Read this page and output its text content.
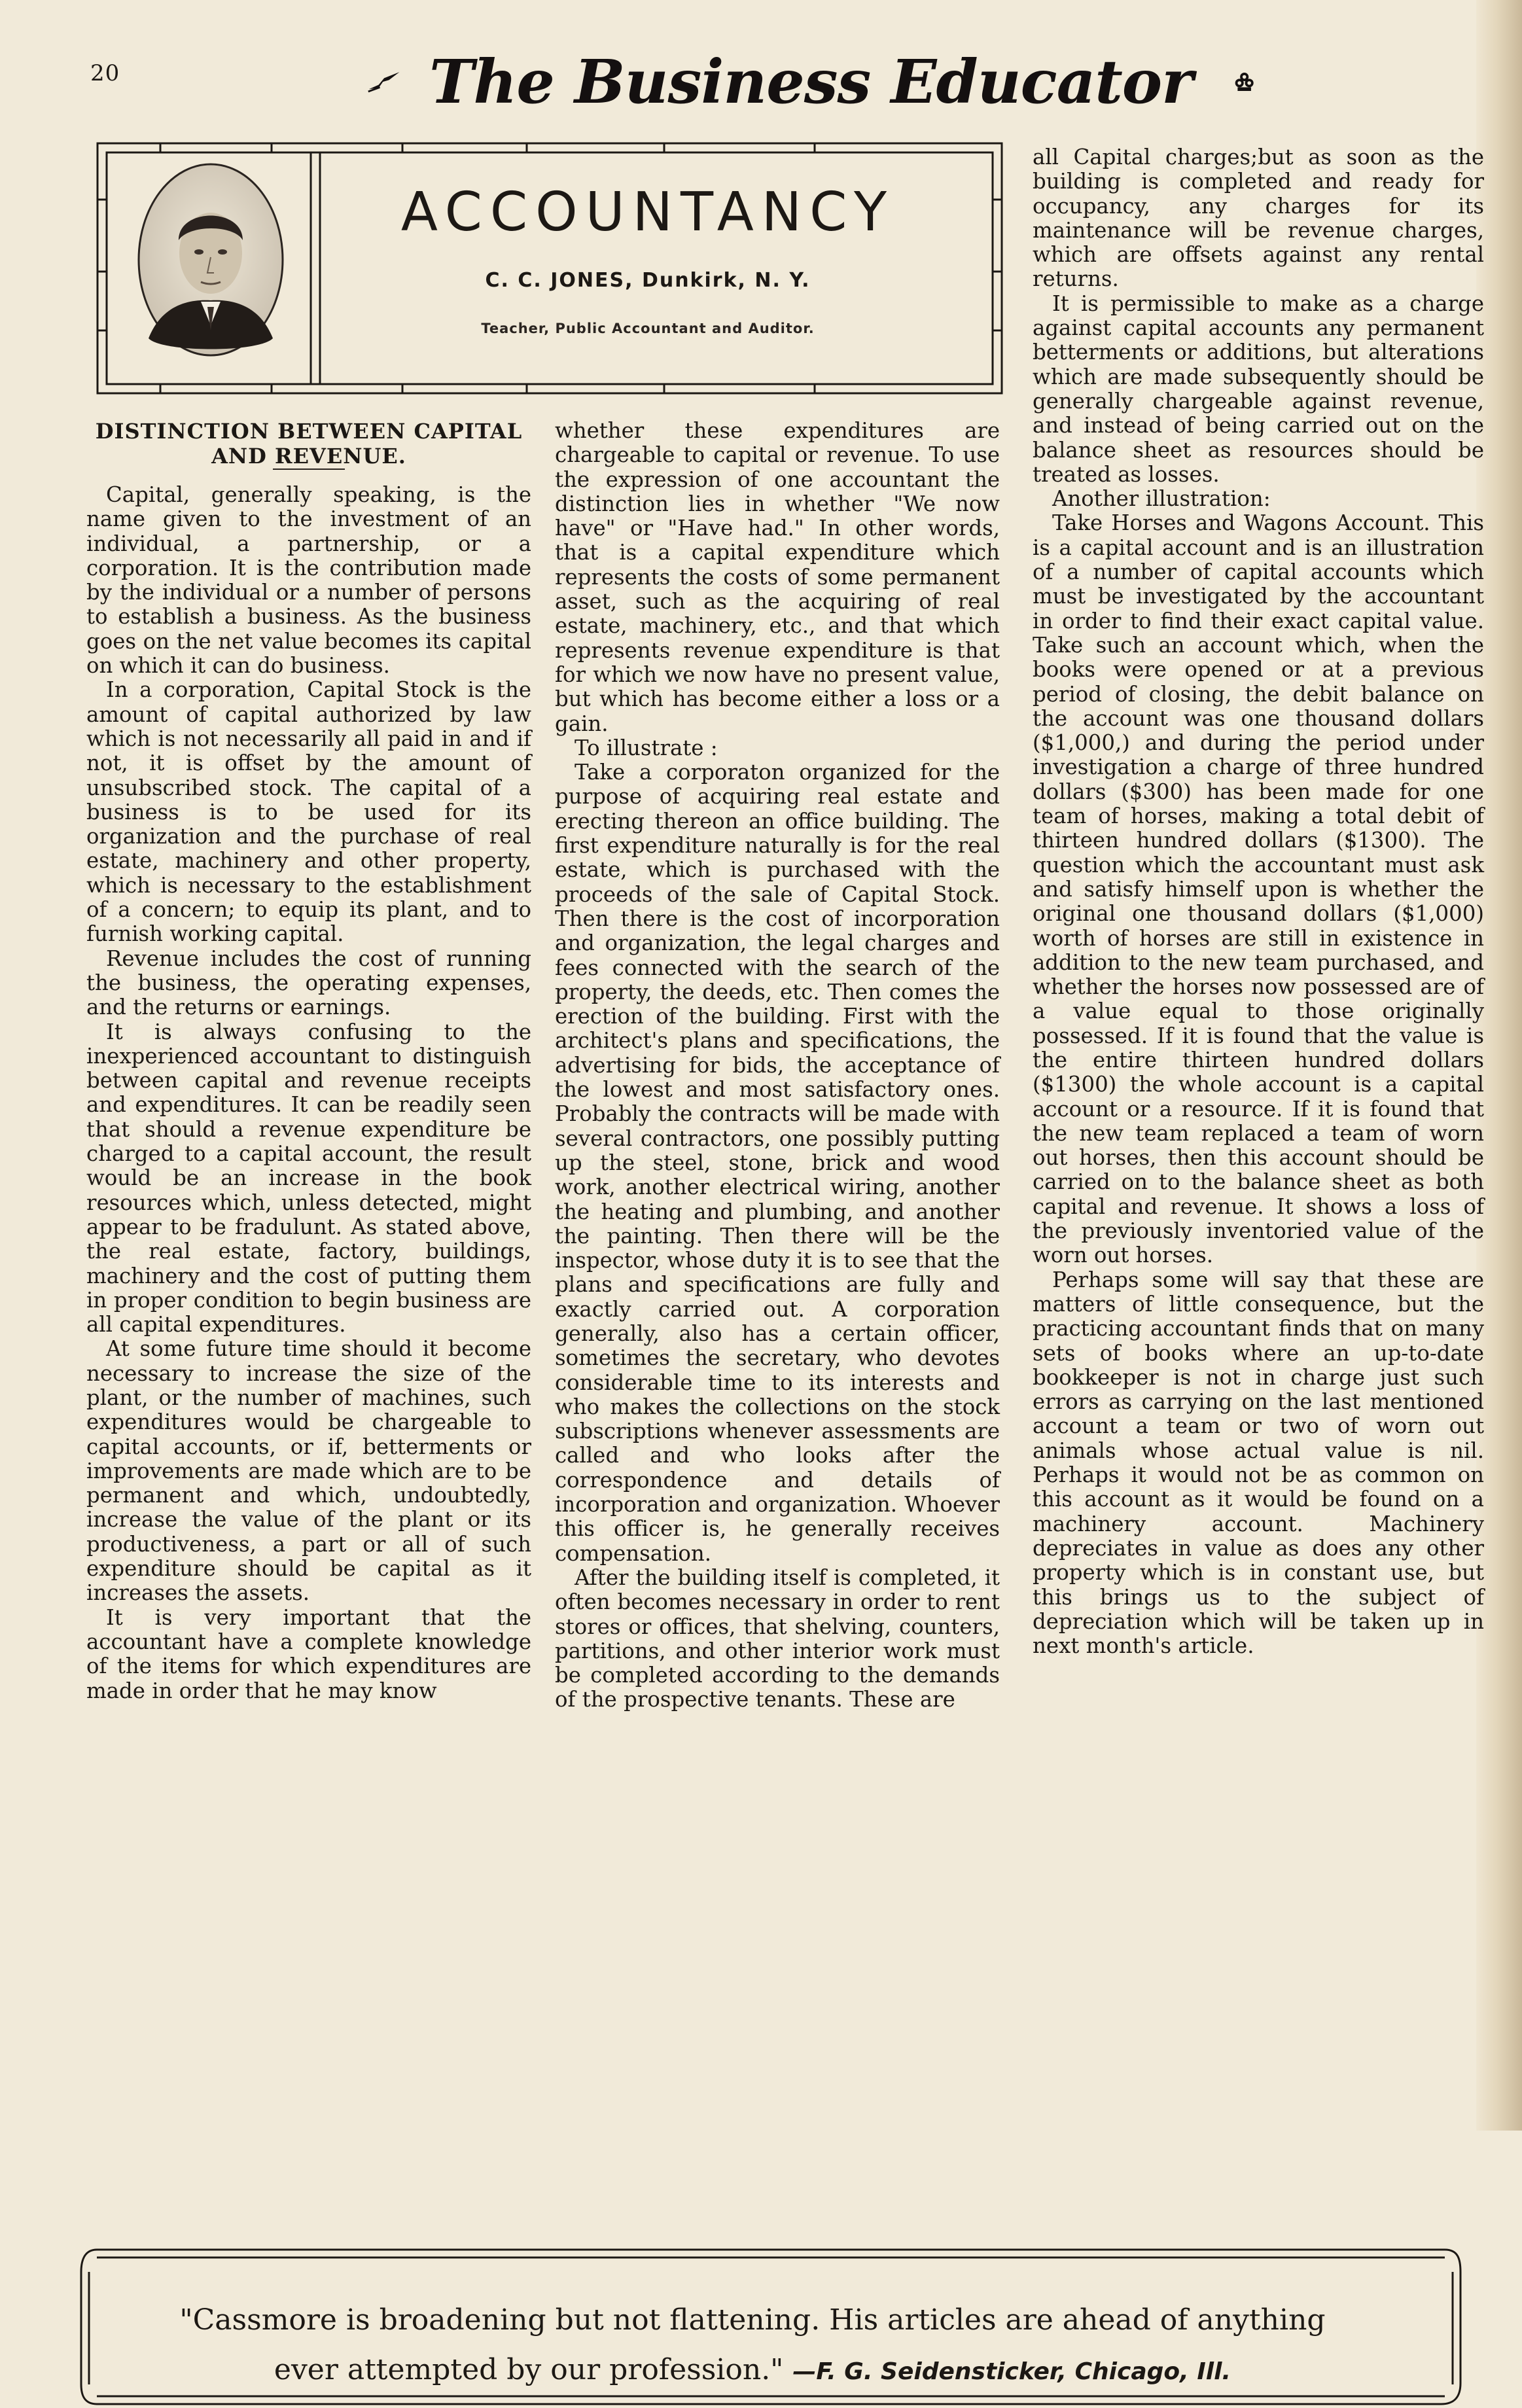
20	The Business Educator
ACCOUNTANCY
C. C. JONES, Dunkirk, N. Y.
Teacher, Public Accountant and Auditor.

DISTINCTION BETWEEN CAPITAL AND REVENUE.

Capital, generally speaking, is the name given to the investment of an individual, a partnership, or a corporation. It is the contribution made by the individual or a number of persons to establish a business. As the business goes on the net value becomes its capital on which it can do business.

In a corporation, Capital Stock is the amount of capital authorized by law which is not necessarily all paid in and if not, it is offset by the amount of unsubscribed stock. The capital of a business is to be used for its organization and the purchase of real estate, machinery and other property, which is necessary to the establishment of a concern; to equip its plant, and to furnish working capital.

Revenue includes the cost of running the business, the operating expenses, and the returns or earnings.

It is always confusing to the inexperienced accountant to distinguish between capital and revenue receipts and expenditures. It can be readily seen that should a revenue expenditure be charged to a capital account, the result would be an increase in the book resources which, unless detected, might appear to be fradulunt. As stated above, the real estate, factory, buildings, machinery and the cost of putting them in proper condition to begin business are all capital expenditures.

At some future time should it become necessary to increase the size of the plant, or the number of machines, such expenditures would be chargeable to capital accounts, or if, betterments or improvements are made which are to be permanent and which, undoubtedly, increase the value of the plant or its productiveness, a part or all of such expenditure should be capital as it increases the assets.

It is very important that the accountant have a complete knowledge of the items for which expenditures are made in order that he may know

whether these expenditures are chargeable to capital or revenue. To use the expression of one accountant the distinction lies in whether "We now have" or "Have had." In other words, that is a capital expenditure which represents the costs of some permanent asset, such as the acquiring of real estate, machinery, etc., and that which represents revenue expenditure is that for which we now have no present value, but which has become either a loss or a gain.

To illustrate :

Take a corporaton organized for the purpose of acquiring real estate and erecting thereon an office building. The first expenditure naturally is for the real estate, which is purchased with the proceeds of the sale of Capital Stock. Then there is the cost of incorporation and organization, the legal charges and fees connected with the search of the property, the deeds, etc. Then comes the erection of the building. First with the architect's plans and specifications, the advertising for bids, the acceptance of the lowest and most satisfactory ones. Probably the contracts will be made with several contractors, one possibly putting up the steel, stone, brick and wood work, another electrical wiring, another the heating and plumbing, and another the painting. Then there will be the inspector, whose duty it is to see that the plans and specifications are fully and exactly carried out. A corporation generally, also has a certain officer, sometimes the secretary, who devotes considerable time to its interests and who makes the collections on the stock subscriptions whenever assessments are called and who looks after the correspondence and details of incorporation and organization. Whoever this officer is, he generally receives compensation.

After the building itself is completed, it often becomes necessary in order to rent stores or offices, that shelving, counters, partitions, and other interior work must be completed according to the demands of the prospective tenants. These are

all Capital charges;but as soon as the building is completed and ready for occupancy, any charges for its maintenance will be revenue charges, which are offsets against any rental returns.

It is permissible to make as a charge against capital accounts any permanent betterments or additions, but alterations which are made subsequently should be generally chargeable against revenue, and instead of being carried out on the balance sheet as resources should be treated as losses.

Another illustration:

Take Horses and Wagons Account. This is a capital account and is an illustration of a number of capital accounts which must be investigated by the accountant in order to find their exact capital value. Take such an account which, when the books were opened or at a previous period of closing, the debit balance on the account was one thousand dollars ($1,000,) and during the period under investigation a charge of three hundred dollars ($300) has been made for one team of horses, making a total debit of thirteen hundred dollars ($1300). The question which the accountant must ask and satisfy himself upon is whether the original one thousand dollars ($1,000) worth of horses are still in existence in addition to the new team purchased, and whether the horses now possessed are of a value equal to those originally possessed. If it is found that the value is the entire thirteen hundred dollars ($1300) the whole account is a capital account or a resource. If it is found that the new team replaced a team of worn out horses, then this account should be carried on to the balance sheet as both capital and revenue. It shows a loss of the previously inventoried value of the worn out horses.

Perhaps some will say that these are matters of little consequence, but the practicing accountant finds that on many sets of books where an up-to-date bookkeeper is not in charge just such errors as carrying on the last mentioned account a team or two of worn out animals whose actual value is nil. Perhaps it would not be as common on this account as it would be found on a machinery account. Machinery depreciates in value as does any other property which is in constant use, but this brings us to the subject of depreciation which will be taken up in next month's article.

"Cassmore is broadening but not flattening. His articles are ahead of anything
ever attempted by our profession." —F. G. Seidensticker, Chicago, Ill.
